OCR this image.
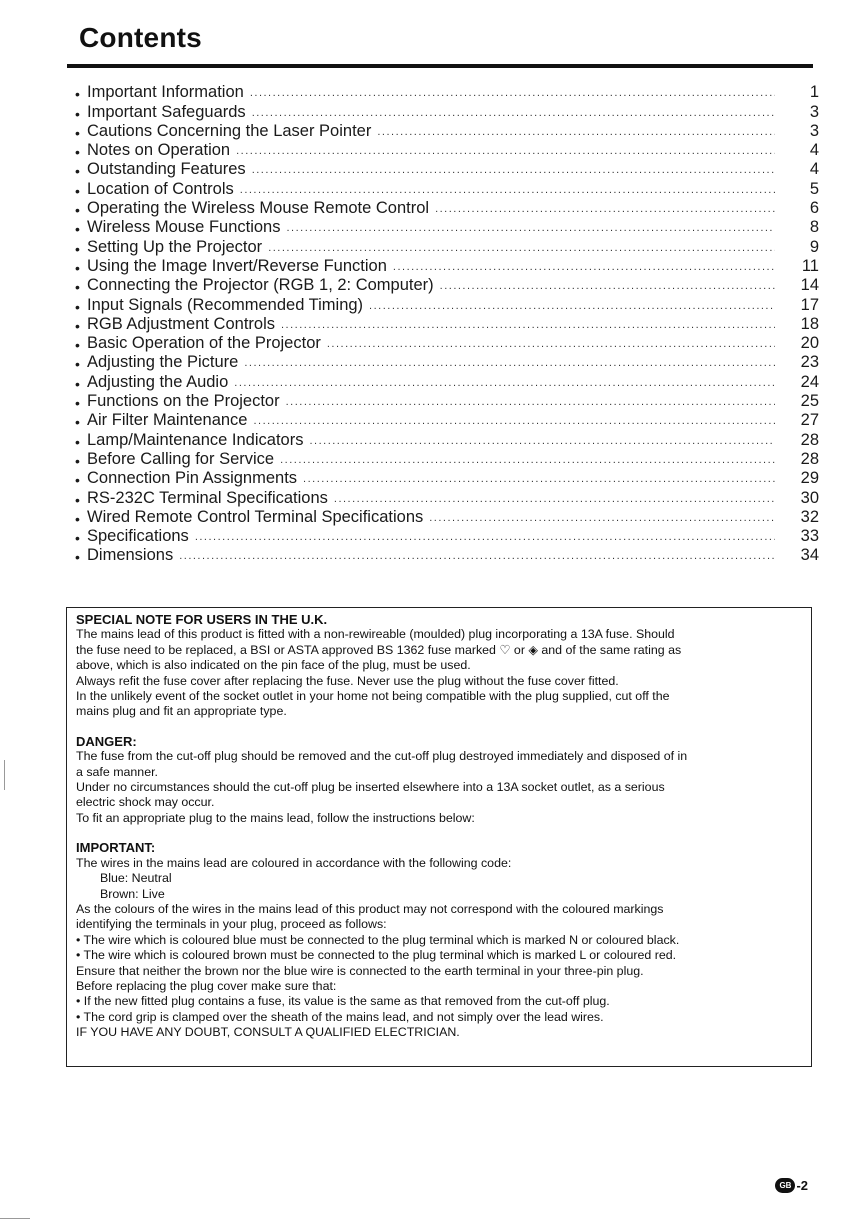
Contents
• Important Information .....	1
• Important Safeguards .....	3
• Cautions Concerning the Laser Pointer .....	3
• Notes on Operation .....	4
• Outstanding Features .....	4
• Location of Controls .....	5
• Operating the Wireless Mouse Remote Control .....	6
• Wireless Mouse Functions .....	8
• Setting Up the Projector .....	9
• Using the Image Invert/Reverse Function .....	11
• Connecting the Projector (RGB 1, 2: Computer) .....	14
• Input Signals (Recommended Timing) .....	17
• RGB Adjustment Controls .....	18
• Basic Operation of the Projector .....	20
• Adjusting the Picture .....	23
• Adjusting the Audio .....	24
• Functions on the Projector .....	25
• Air Filter Maintenance .....	27
• Lamp/Maintenance Indicators .....	28
• Before Calling for Service .....	28
• Connection Pin Assignments .....	29
• RS-232C Terminal Specifications .....	30
• Wired Remote Control Terminal Specifications .....	32
• Specifications .....	33
• Dimensions .....	34

SPECIAL NOTE FOR USERS IN THE U.K.

The mains lead of this product is fitted with a non-rewireable (moulded) plug incorporating a 13A fuse. Should

the fuse need to be replaced, a BSI or ASTA approved BS 1362 fuse marked ♡ or ◈ and of the same rating as

above, which is also indicated on the pin face of the plug, must be used.

Always refit the fuse cover after replacing the fuse. Never use the plug without the fuse cover fitted.

In the unlikely event of the socket outlet in your home not being compatible with the plug supplied, cut off the

mains plug and fit an appropriate type.

DANGER:

The fuse from the cut-off plug should be removed and the cut-off plug destroyed immediately and disposed of in

a safe manner.

Under no circumstances should the cut-off plug be inserted elsewhere into a 13A socket outlet, as a serious

electric shock may occur.

To fit an appropriate plug to the mains lead, follow the instructions below:

IMPORTANT:

The wires in the mains lead are coloured in accordance with the following code:

Blue: Neutral

Brown: Live

As the colours of the wires in the mains lead of this product may not correspond with the coloured markings

identifying the terminals in your plug, proceed as follows:

• The wire which is coloured blue must be connected to the plug terminal which is marked N or coloured black.

• The wire which is coloured brown must be connected to the plug terminal which is marked L or coloured red.

Ensure that neither the brown nor the blue wire is connected to the earth terminal in your three-pin plug.

Before replacing the plug cover make sure that:

• If the new fitted plug contains a fuse, its value is the same as that removed from the cut-off plug.

• The cord grip is clamped over the sheath of the mains lead, and not simply over the lead wires.

IF YOU HAVE ANY DOUBT, CONSULT A QUALIFIED ELECTRICIAN.

GB -2
